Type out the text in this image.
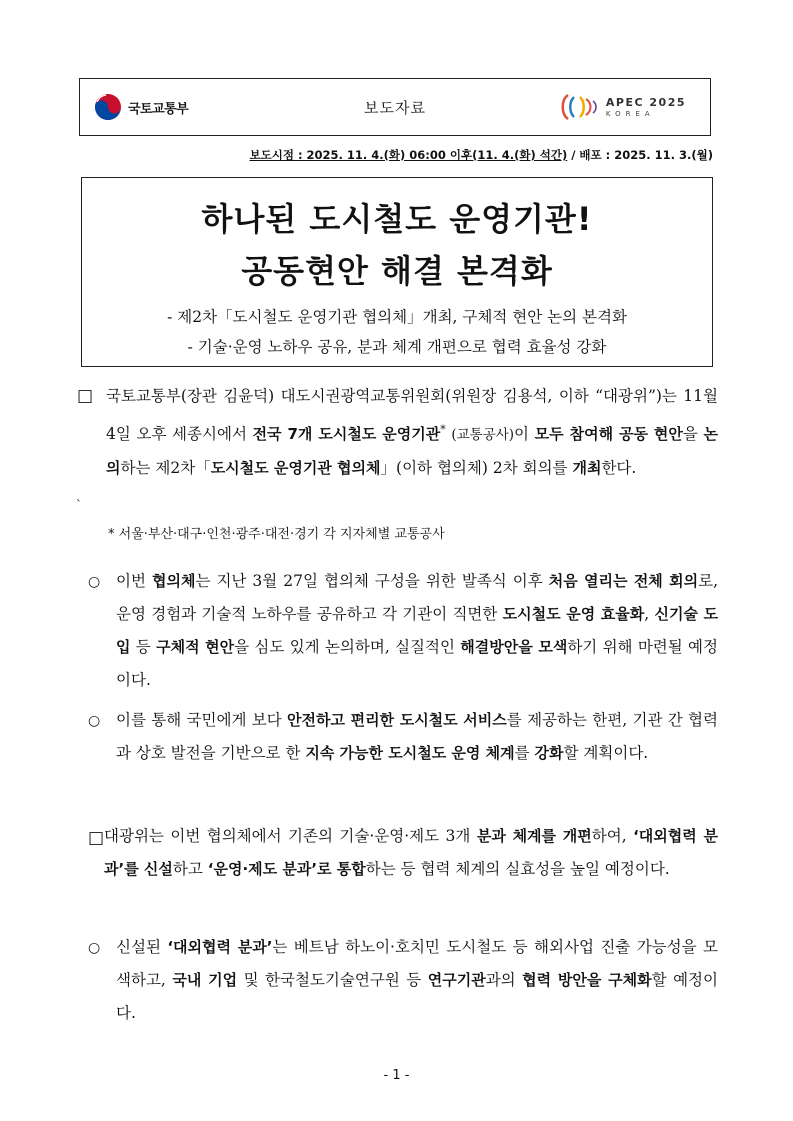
국토교통부	보도자료	APEC 2025
KOREA
보도시점 : 2025. 11. 4.(화) 06:00 이후(11. 4.(화) 석간) / 배포 : 2025. 11. 3.(월)
하나된 도시철도 운영기관!
공동현안 해결 본격화
- 제2차「도시철도 운영기관 협의체」개최, 구체적 현안 논의 본격화
- 기술·운영 노하우 공유, 분과 체계 개편으로 협력 효율성 강화
□ 국토교통부(장관 김윤덕) 대도시권광역교통위원회(위원장 김용석, 이하 “대광위”)는 11월 4일 오후 세종시에서 전국 7개 도시철도 운영기관* (교통공사)이 모두 참여해 공동 현안을 논의하는 제2차「도시철도 운영기관 협의체」(이하 협의체) 2차 회의를 개최한다.
`
* 서울·부산·대구·인천·광주·대전·경기 각 지자체별 교통공사
○ 이번 협의체는 지난 3월 27일 협의체 구성을 위한 발족식 이후 처음 열리는 전체 회의로, 운영 경험과 기술적 노하우를 공유하고 각 기관이 직면한 도시철도 운영 효율화, 신기술 도입 등 구체적 현안을 심도 있게 논의하며, 실질적인 해결방안을 모색하기 위해 마련될 예정이다.
○ 이를 통해 국민에게 보다 안전하고 편리한 도시철도 서비스를 제공하는 한편, 기관 간 협력과 상호 발전을 기반으로 한 지속 가능한 도시철도 운영 체계를 강화할 계획이다.
□ 대광위는 이번 협의체에서 기존의 기술·운영·제도 3개 분과 체계를 개편하여, ‘대외협력 분과’를 신설하고 ‘운영·제도 분과’로 통합하는 등 협력 체계의 실효성을 높일 예정이다.
○ 신설된 ‘대외협력 분과’는 베트남 하노이·호치민 도시철도 등 해외사업 진출 가능성을 모색하고, 국내 기업 및 한국철도기술연구원 등 연구기관과의 협력 방안을 구체화할 예정이다.
- 1 -
